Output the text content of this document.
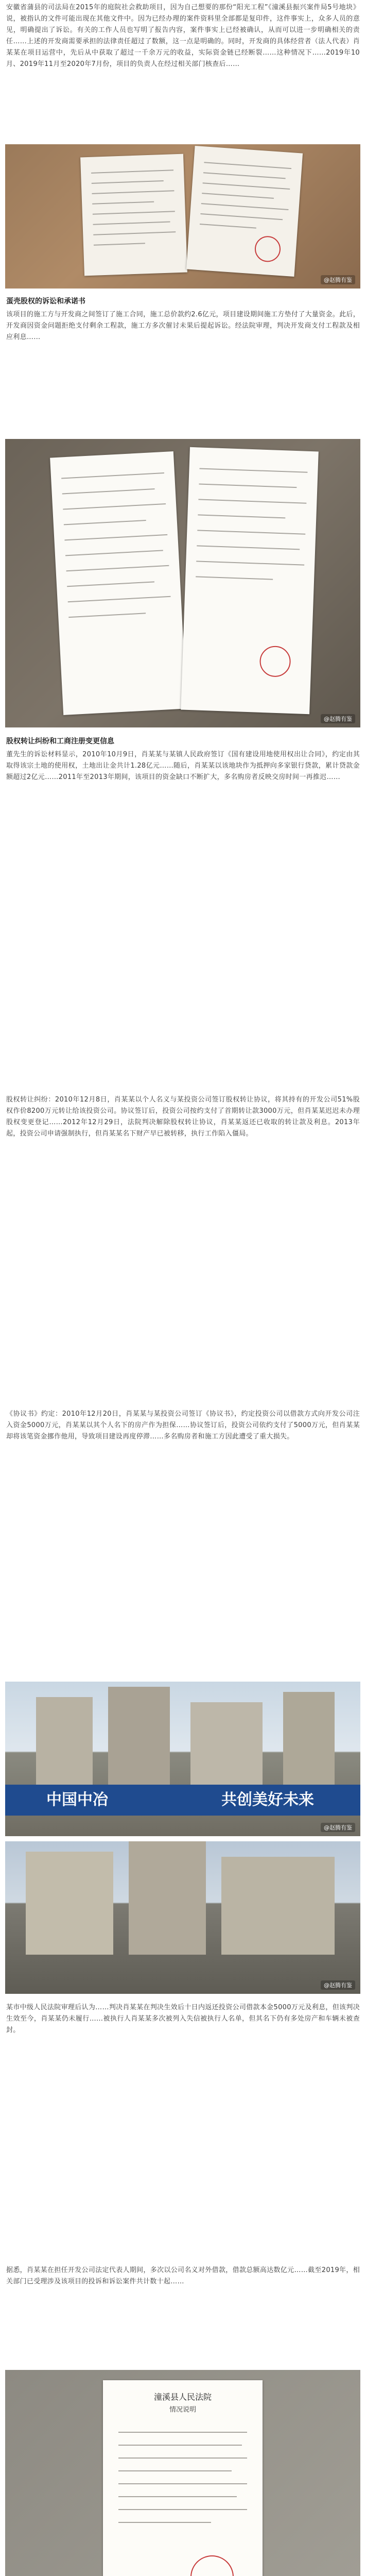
安徽省蒲县的司法局在2015年的庭院社会救助项目，因为自己想要的那份“阳光工程”《潼溪县振兴案件局5号地块》说，被指认的文件可能出现在其他文件中。因为已经办理的案件资料里全部都是复印件，这件事实上，众多人员的意见，明确提出了诉讼。有关的工作人员也写明了报告内容，案件事实上已经被确认，从而可以进一步明确相关的责任……上述的开发商需要承担的法律责任超过了数额，这一点是明确的。同时，开发商的具体经营者（法人代表）肖某某在项目运营中，先后从中获取了超过一千余万元的收益，实际资金链已经断裂……这种情况下……2019年10月、2019年11月至2020年7月份，项目的负责人在经过相关部门核查后……

@赵腾有鉴
蛋壳股权的诉讼和承诺书

该项目的施工方与开发商之间签订了施工合同，施工总价款约2.6亿元，项目建设期间施工方垫付了大量资金。此后，开发商因资金问题拒绝支付剩余工程款，施工方多次催讨未果后提起诉讼。经法院审理，判决开发商支付工程款及相应利息……

@赵腾有鉴
股权转让纠纷和工商注册变更信息

董先生的诉讼材料显示，2010年10月9日，肖某某与某镇人民政府签订《国有建设用地使用权出让合同》，约定由其取得该宗土地的使用权，土地出让金共计1.28亿元……随后，肖某某以该地块作为抵押向多家银行贷款，累计贷款金额超过2亿元……2011年至2013年期间，该项目的资金缺口不断扩大，多名购房者反映交房时间一再推迟……

股权转让纠纷：2010年12月8日，肖某某以个人名义与某投资公司签订股权转让协议，将其持有的开发公司51%股权作价8200万元转让给该投资公司。协议签订后，投资公司按约支付了首期转让款3000万元，但肖某某迟迟未办理股权变更登记……2012年12月29日，法院判决解除股权转让协议，肖某某返还已收取的转让款及利息。2013年起，投资公司申请强制执行，但肖某某名下财产早已被转移，执行工作陷入僵局。

《协议书》约定：2010年12月20日，肖某某与某投资公司签订《协议书》，约定投资公司以借款方式向开发公司注入资金5000万元，肖某某以其个人名下的房产作为担保……协议签订后，投资公司依约支付了5000万元，但肖某某却将该笔资金挪作他用，导致项目建设再度停滞……多名购房者和施工方因此遭受了重大损失。

中国中冶	共创美好未来
@赵腾有鉴
@赵腾有鉴

某市中级人民法院审理后认为……判决肖某某在判决生效后十日内返还投资公司借款本金5000万元及利息，但该判决生效至今，肖某某仍未履行……被执行人肖某某多次被列入失信被执行人名单，但其名下仍有多处房产和车辆未被查封。

据悉，肖某某在担任开发公司法定代表人期间，多次以公司名义对外借款，借款总额高达数亿元……截至2019年，相关部门已受理涉及该项目的投诉和诉讼案件共计数十起……

潼溪县人民法院
情况说明
